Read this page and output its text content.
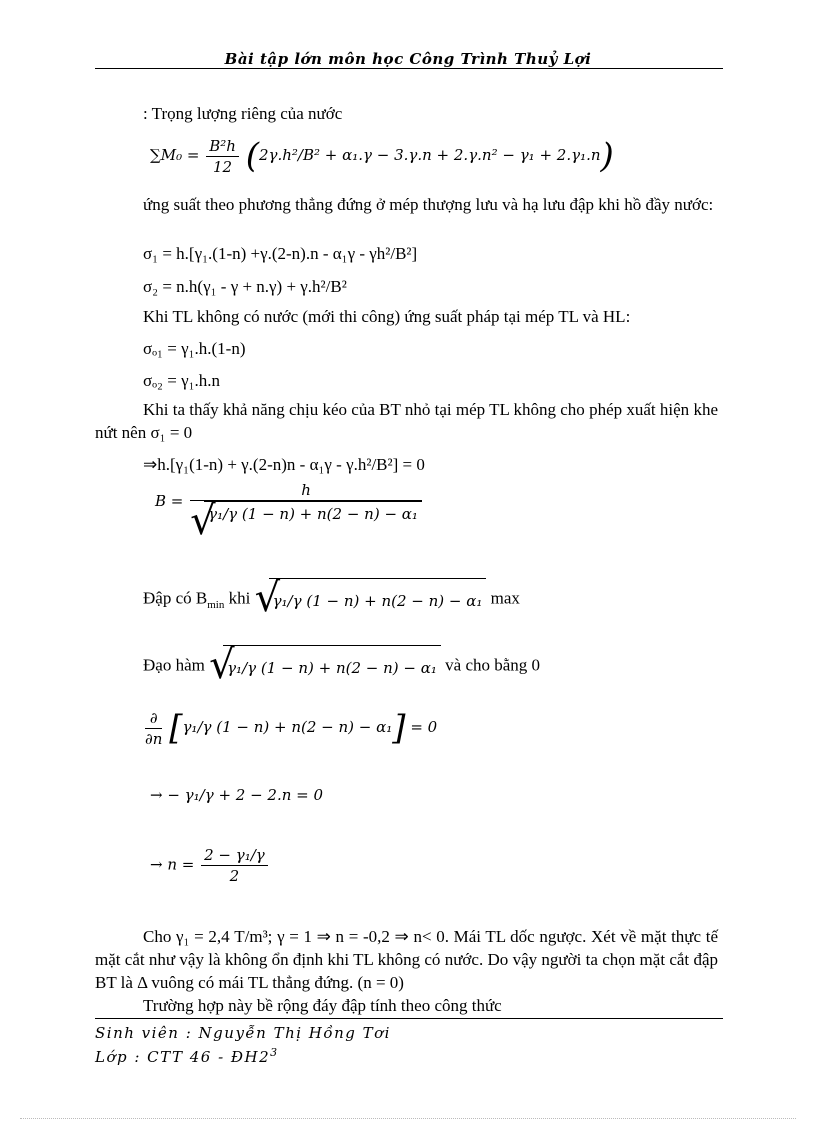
Bài tập lớn môn học Công Trình Thuỷ Lợi
: Trọng lượng riêng của nước
$\sum M_0 = \frac{\text{B²h}}{12} (2\gamma.h^2/B^2 + \alpha_1.\gamma - 3.\gamma.n + 2.\gamma.n^2 - \gamma_1 + 2.\gamma_1.n)$
ứng suất theo phương thẳng đứng ở mép thượng lưu và hạ lưu đập khi hồ đầy nước:
σ₁ = h.[γ₁.(1-n) +γ.(2-n).n - α₁γ - γh²/B²]
σ₂ = n.h(γ₁ - γ + n.γ) + γ.h²/B²
Khi TL không có nước (mới thi công) ứng suất pháp tại mép TL và HL:
σₒ₁ = γ₁.h.(1-n)
σₒ₂ = γ₁.h.n
Khi ta thấy khả năng chịu kéo của BT nhỏ tại mép TL không cho phép xuất hiện khe nứt nên σ₁ = 0
⇒h.[γ₁(1-n) + γ.(2-n)n - α₁γ - γ.h²/B²] = 0
B = h
√
γ₁/γ (1 − n) + n(2 − n) − α₁
Đập có $B_{min}$ khi √
γ₁/γ (1 − n) + n(2 − n) − α₁ max
Đạo hàm √
γ₁/γ (1 − n) + n(2 − n) − α₁ và cho bằng 0
$\frac{\partial}{\partial n} [\gamma_1/\gamma$ (1 − n) + n(2 − n) − α₁] = 0
→ − γ₁/γ + 2 − 2.n = 0
→ $n = \frac{\text{2 − γ₁/γ}}{2}$
Cho γ₁ = 2,4 T/m³; γ = 1 ⇒ n = -0,2 ⇒ n< 0. Mái TL dốc ngược. Xét về mặt thực tế mặt cắt như vậy là không ổn định khi TL không có nước. Do vậy người ta chọn mặt cắt đập BT là Δ vuông có mái TL thẳng đứng. (n = 0)
Trường hợp này bề rộng đáy đập tính theo công thức
Sinh viên : Nguyễn Thị Hồng Tơi
Lớp : CTT $46 - ĐH2^3$
